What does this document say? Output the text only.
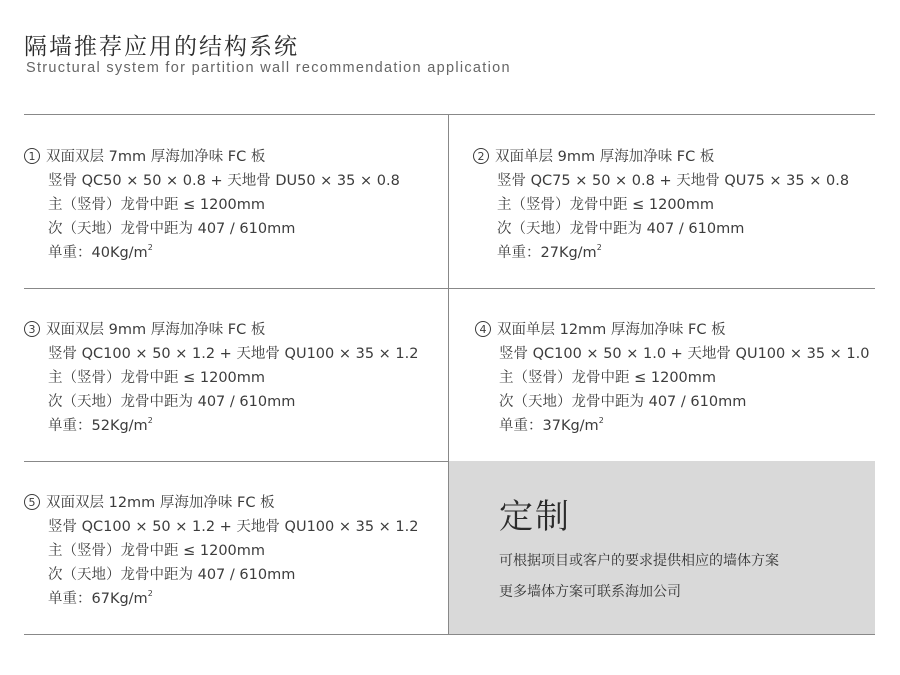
隔墙推荐应用的结构系统

Structural system for partition wall recommendation application

1 双面双层 7mm 厚海加净味 FC 板
竖骨 QC50 × 50 × 0.8 + 天地骨 DU50 × 35 × 0.8
主（竖骨）龙骨中距 ≤ 1200mm
次（天地）龙骨中距为 407 / 610mm
单重：$40Kg/m^2$
2 双面单层 9mm 厚海加净味 FC 板
竖骨 QC75 × 50 × 0.8 + 天地骨 QU75 × 35 × 0.8
主（竖骨）龙骨中距 ≤ 1200mm
次（天地）龙骨中距为 407 / 610mm
单重：$27Kg/m^2$
3 双面双层 9mm 厚海加净味 FC 板
竖骨 QC100 × 50 × 1.2 + 天地骨 QU100 × 35 × 1.2
主（竖骨）龙骨中距 ≤ 1200mm
次（天地）龙骨中距为 407 / 610mm
单重：$52Kg/m^2$
4 双面单层 12mm 厚海加净味 FC 板
竖骨 QC100 × 50 × 1.0 + 天地骨 QU100 × 35 × 1.0
主（竖骨）龙骨中距 ≤ 1200mm
次（天地）龙骨中距为 407 / 610mm
单重：$37Kg/m^2$
5 双面双层 12mm 厚海加净味 FC 板
竖骨 QC100 × 50 × 1.2 + 天地骨 QU100 × 35 × 1.2
主（竖骨）龙骨中距 ≤ 1200mm
次（天地）龙骨中距为 407 / 610mm
单重：$67Kg/m^2$
定制
可根据项目或客户的要求提供相应的墙体方案
更多墙体方案可联系海加公司
